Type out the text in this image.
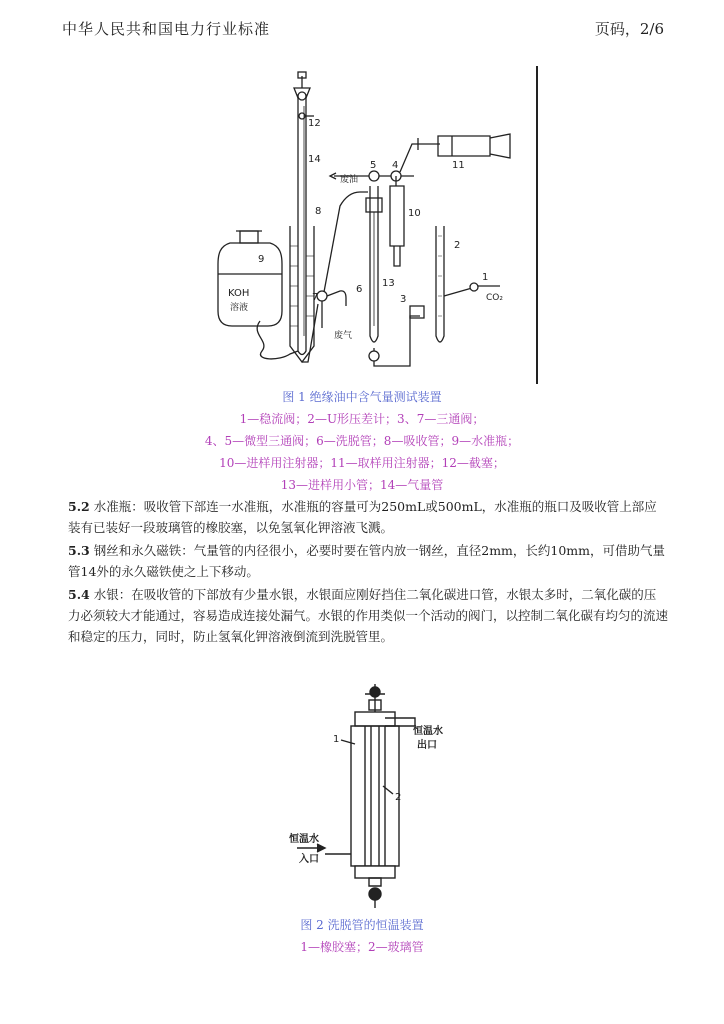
中华人民共和国电力行业标准	页码，2/6
12
14
8
9
7
5 4	11
10
6
13
2
1
3
废油
废气
KOH
溶液
CO₂
图 1 绝缘油中含气量测试装置
1—稳流阀；2—U形压差计；3、7—三通阀；
4、5—微型三通阀；6—洗脱管；8—吸收管；9—水准瓶；
10—进样用注射器；11—取样用注射器；12—截塞；
13—进样用小管；14—气量管
5.2 水准瓶：吸收管下部连一水准瓶，水准瓶的容量可为250mL或500mL，水准瓶的瓶口及吸收管上部应装有已装好一段玻璃管的橡胶塞，以免氢氧化钾溶液飞溅。
5.3 钢丝和永久磁铁：气量管的内径很小，必要时要在管内放一钢丝，直径2mm，长约10mm，可借助气量管14外的永久磁铁使之上下移动。
5.4 水银：在吸收管的下部放有少量水银，水银面应刚好挡住二氧化碳进口管，水银太多时，二氧化碳的压力必须较大才能通过，容易造成连接处漏气。水银的作用类似一个活动的阀门，以控制二氧化碳有均匀的流速和稳定的压力，同时，防止氢氧化钾溶液倒流到洗脱管里。
1
2
恒温水
出口
恒温水
入口
图 2 洗脱管的恒温装置
1—橡胶塞；2—玻璃管
